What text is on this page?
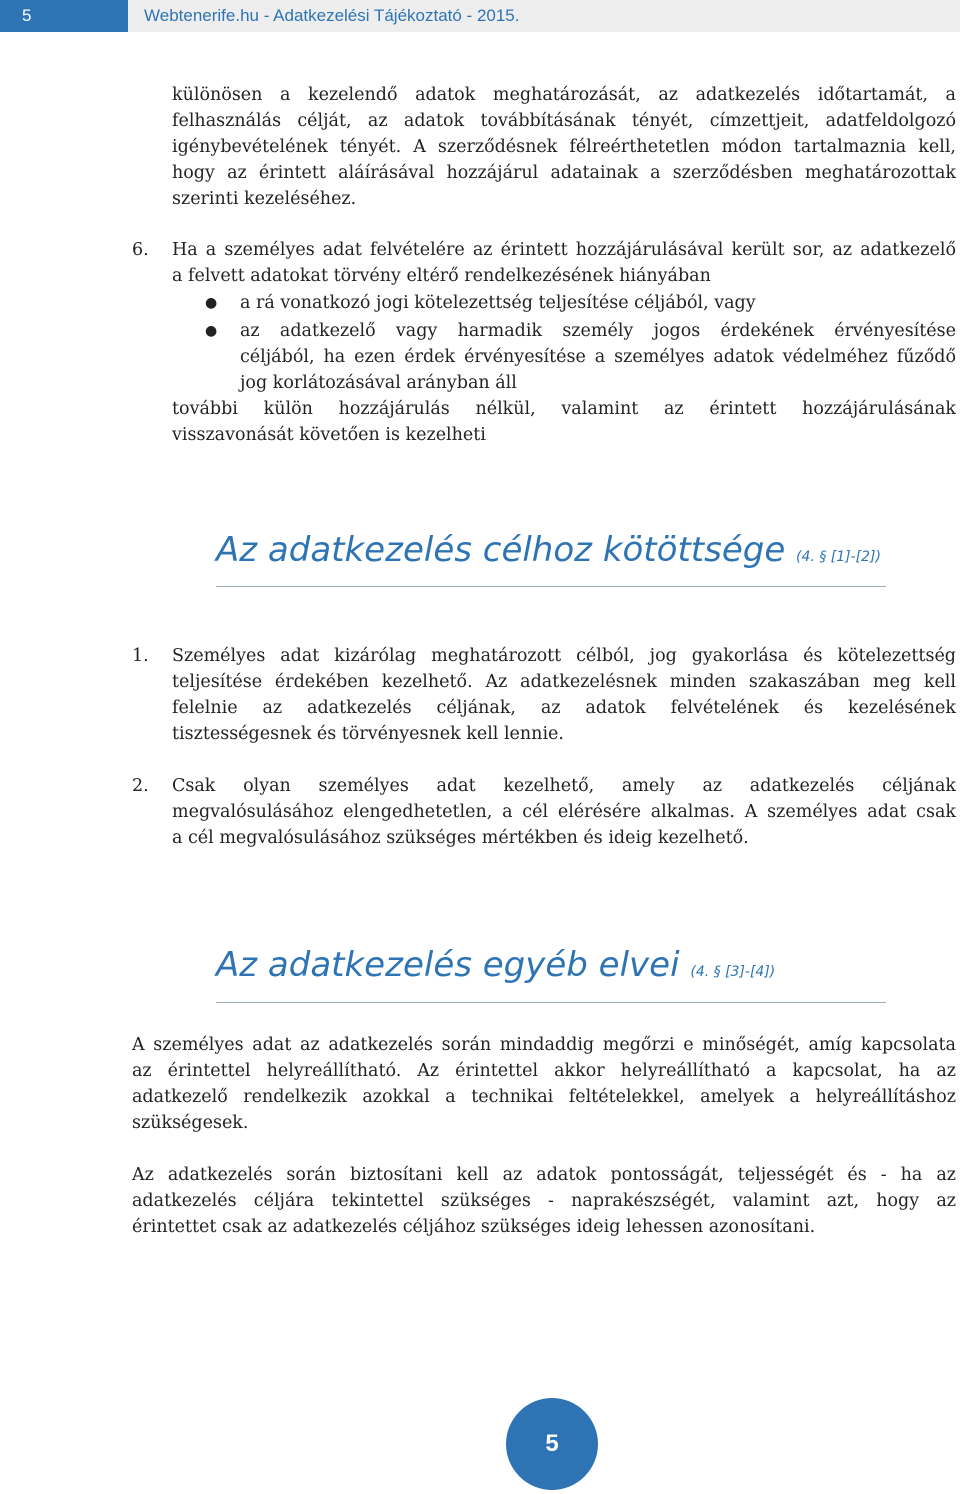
5	Webtenerife.hu - Adatkezelési Tájékoztató - 2015.
különösen a kezelendő adatok meghatározását, az adatkezelés időtartamát, a
felhasználás célját, az adatok továbbításának tényét, címzettjeit, adatfeldolgozó
igénybevételének tényét. A szerződésnek félreérthetetlen módon tartalmaznia kell,
hogy az érintett aláírásával hozzájárul adatainak a szerződésben meghatározottak
szerinti kezeléséhez.
6. Ha a személyes adat felvételére az érintett hozzájárulásával került sor, az adatkezelő
a felvett adatokat törvény eltérő rendelkezésének hiányában
● a rá vonatkozó jogi kötelezettség teljesítése céljából, vagy
● az adatkezelő vagy harmadik személy jogos érdekének érvényesítése
céljából, ha ezen érdek érvényesítése a személyes adatok védelméhez fűződő
jog korlátozásával arányban áll
további külön hozzájárulás nélkül, valamint az érintett hozzájárulásának
visszavonását követően is kezelheti
Az adatkezelés célhoz kötöttsége (4. § [1]-[2])
1. Személyes adat kizárólag meghatározott célból, jog gyakorlása és kötelezettség
teljesítése érdekében kezelhető. Az adatkezelésnek minden szakaszában meg kell
felelnie az adatkezelés céljának, az adatok felvételének és kezelésének
tisztességesnek és törvényesnek kell lennie.
2. Csak olyan személyes adat kezelhető, amely az adatkezelés céljának
megvalósulásához elengedhetetlen, a cél elérésére alkalmas. A személyes adat csak
a cél megvalósulásához szükséges mértékben és ideig kezelhető.
Az adatkezelés egyéb elvei (4. § [3]-[4])
A személyes adat az adatkezelés során mindaddig megőrzi e minőségét, amíg kapcsolata
az érintettel helyreállítható. Az érintettel akkor helyreállítható a kapcsolat, ha az
adatkezelő rendelkezik azokkal a technikai feltételekkel, amelyek a helyreállításhoz
szükségesek.
Az adatkezelés során biztosítani kell az adatok pontosságát, teljességét és - ha az
adatkezelés céljára tekintettel szükséges - naprakészségét, valamint azt, hogy az
érintettet csak az adatkezelés céljához szükséges ideig lehessen azonosítani.
5
